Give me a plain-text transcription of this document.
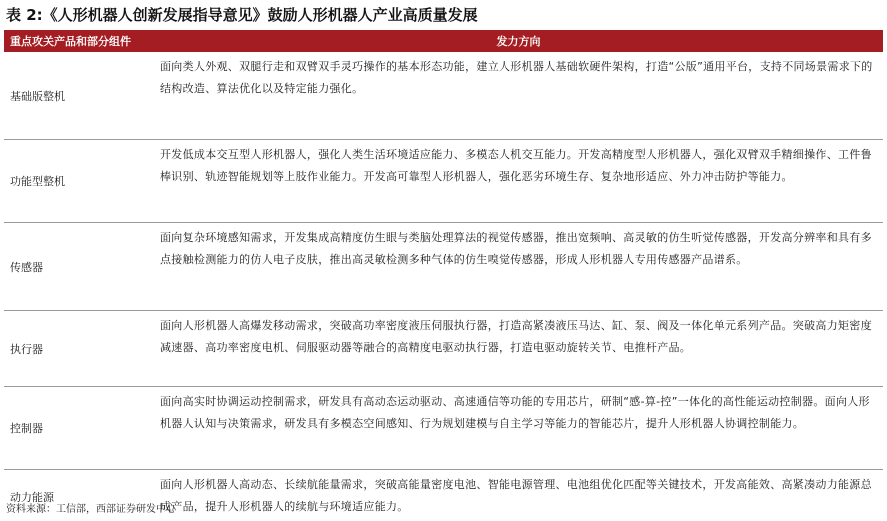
表 2:《人形机器人创新发展指导意见》鼓励人形机器人产业高质量发展
重点攻关产品和部分组件	发力方向
基础版整机
面向类人外观、双腿行走和双臂双手灵巧操作的基本形态功能，建立人形机器人基础软硬件架构，打造“公版”通用平台，支持不同场景需求下的结构改造、算法优化以及特定能力强化。
功能型整机
开发低成本交互型人形机器人，强化人类生活环境适应能力、多模态人机交互能力。开发高精度型人形机器人，强化双臂双手精细操作、工件鲁棒识别、轨迹智能规划等上肢作业能力。开发高可靠型人形机器人，强化恶劣环境生存、复杂地形适应、外力冲击防护等能力。
传感器
面向复杂环境感知需求，开发集成高精度仿生眼与类脑处理算法的视觉传感器，推出宽频响、高灵敏的仿生听觉传感器，开发高分辨率和具有多点接触检测能力的仿人电子皮肤，推出高灵敏检测多种气体的仿生嗅觉传感器，形成人形机器人专用传感器产品谱系。
执行器
面向人形机器人高爆发移动需求，突破高功率密度液压伺服执行器，打造高紧凑液压马达、缸、泵、阀及一体化单元系列产品。突破高力矩密度减速器、高功率密度电机、伺服驱动器等融合的高精度电驱动执行器，打造电驱动旋转关节、电推杆产品。
控制器
面向高实时协调运动控制需求，研发具有高动态运动驱动、高速通信等功能的专用芯片，研制“感-算-控”一体化的高性能运动控制器。面向人形机器人认知与决策需求，研发具有多模态空间感知、行为规划建模与自主学习等能力的智能芯片，提升人形机器人协调控制能力。
动力能源
面向人形机器人高动态、长续航能量需求，突破高能量密度电池、智能电源管理、电池组优化匹配等关键技术，开发高能效、高紧凑动力能源总成产品，提升人形机器人的续航与环境适应能力。
资料来源：工信部，西部证券研发中心
